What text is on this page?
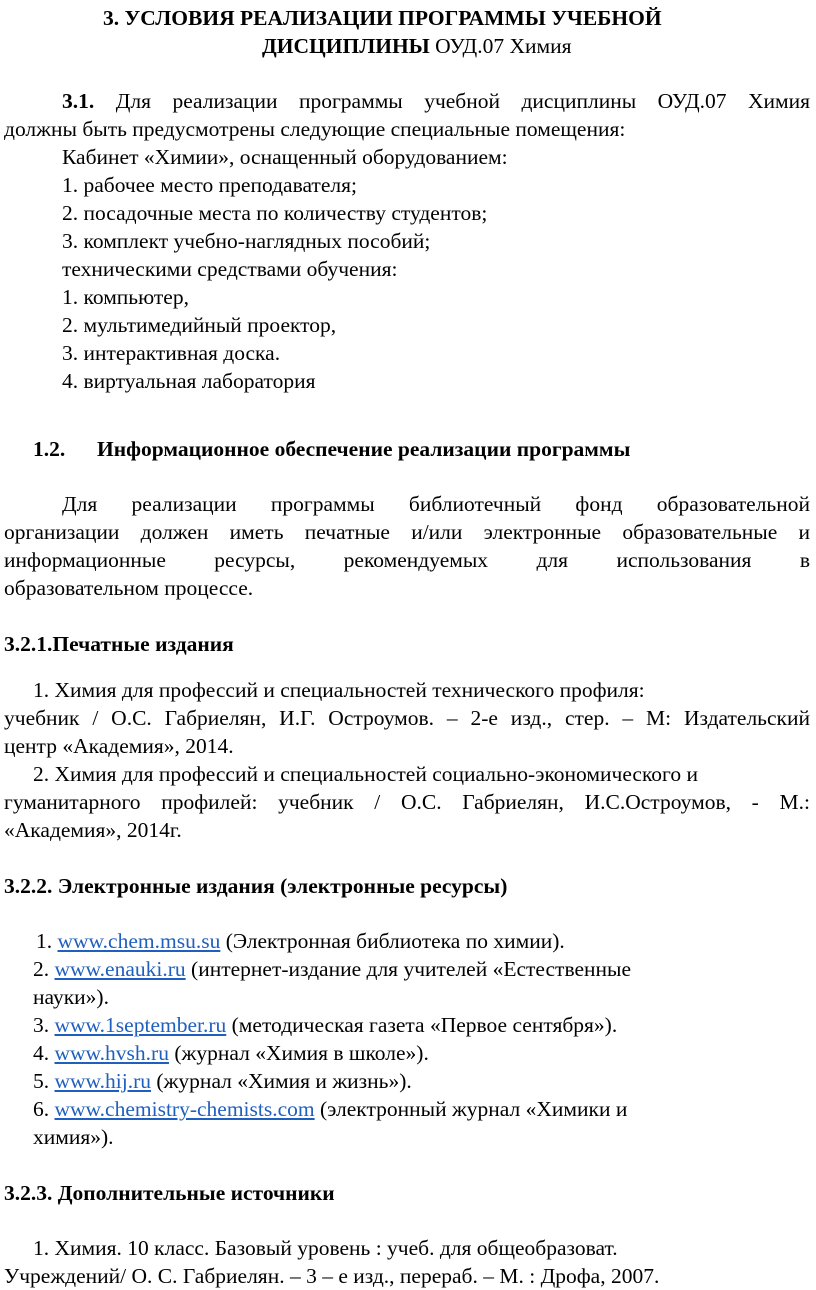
3. УСЛОВИЯ РЕАЛИЗАЦИИ ПРОГРАММЫ УЧЕБНОЙ
ДИСЦИПЛИНЫ ОУД.07 Химия
3.1. Для реализации программы учебной дисциплины ОУД.07 Химия
должны быть предусмотрены следующие специальные помещения:
Кабинет «Химии», оснащенный оборудованием:
1. рабочее место преподавателя;
2. посадочные места по количеству студентов;
3. комплект учебно-наглядных пособий;
техническими средствами обучения:
1. компьютер,
2. мультимедийный проектор,
3. интерактивная доска.
4. виртуальная лаборатория
1.2. Информационное обеспечение реализации программы
Для реализации программы библиотечный фонд образовательной
организации должен иметь печатные и/или электронные образовательные и
информационные ресурсы, рекомендуемых для использования в
образовательном процессе.
3.2.1.Печатные издания
1. Химия для профессий и специальностей технического профиля:
учебник / О.С. Габриелян, И.Г. Остроумов. – 2-е изд., стер. – М: Издательский
центр «Академия», 2014.
2. Химия для профессий и специальностей социально-экономического и
гуманитарного профилей: учебник / О.С. Габриелян, И.С.Остроумов, - М.:
«Академия», 2014г.
3.2.2. Электронные издания (электронные ресурсы)
1. www.chem.msu.su (Электронная библиотека по химии).
2. www.enauki.ru (интернет-издание для учителей «Естественные
науки»).
3. www.1september.ru (методическая газета «Первое сентября»).
4. www.hvsh.ru (журнал «Химия в школе»).
5. www.hij.ru (журнал «Химия и жизнь»).
6. www.chemistry-chemists.com (электронный журнал «Химики и
химия»).
3.2.3. Дополнительные источники
1. Химия. 10 класс. Базовый уровень : учеб. для общеобразоват.
Учреждений/ О. С. Габриелян. – 3 – е изд., перераб. – М. : Дрофа, 2007.
